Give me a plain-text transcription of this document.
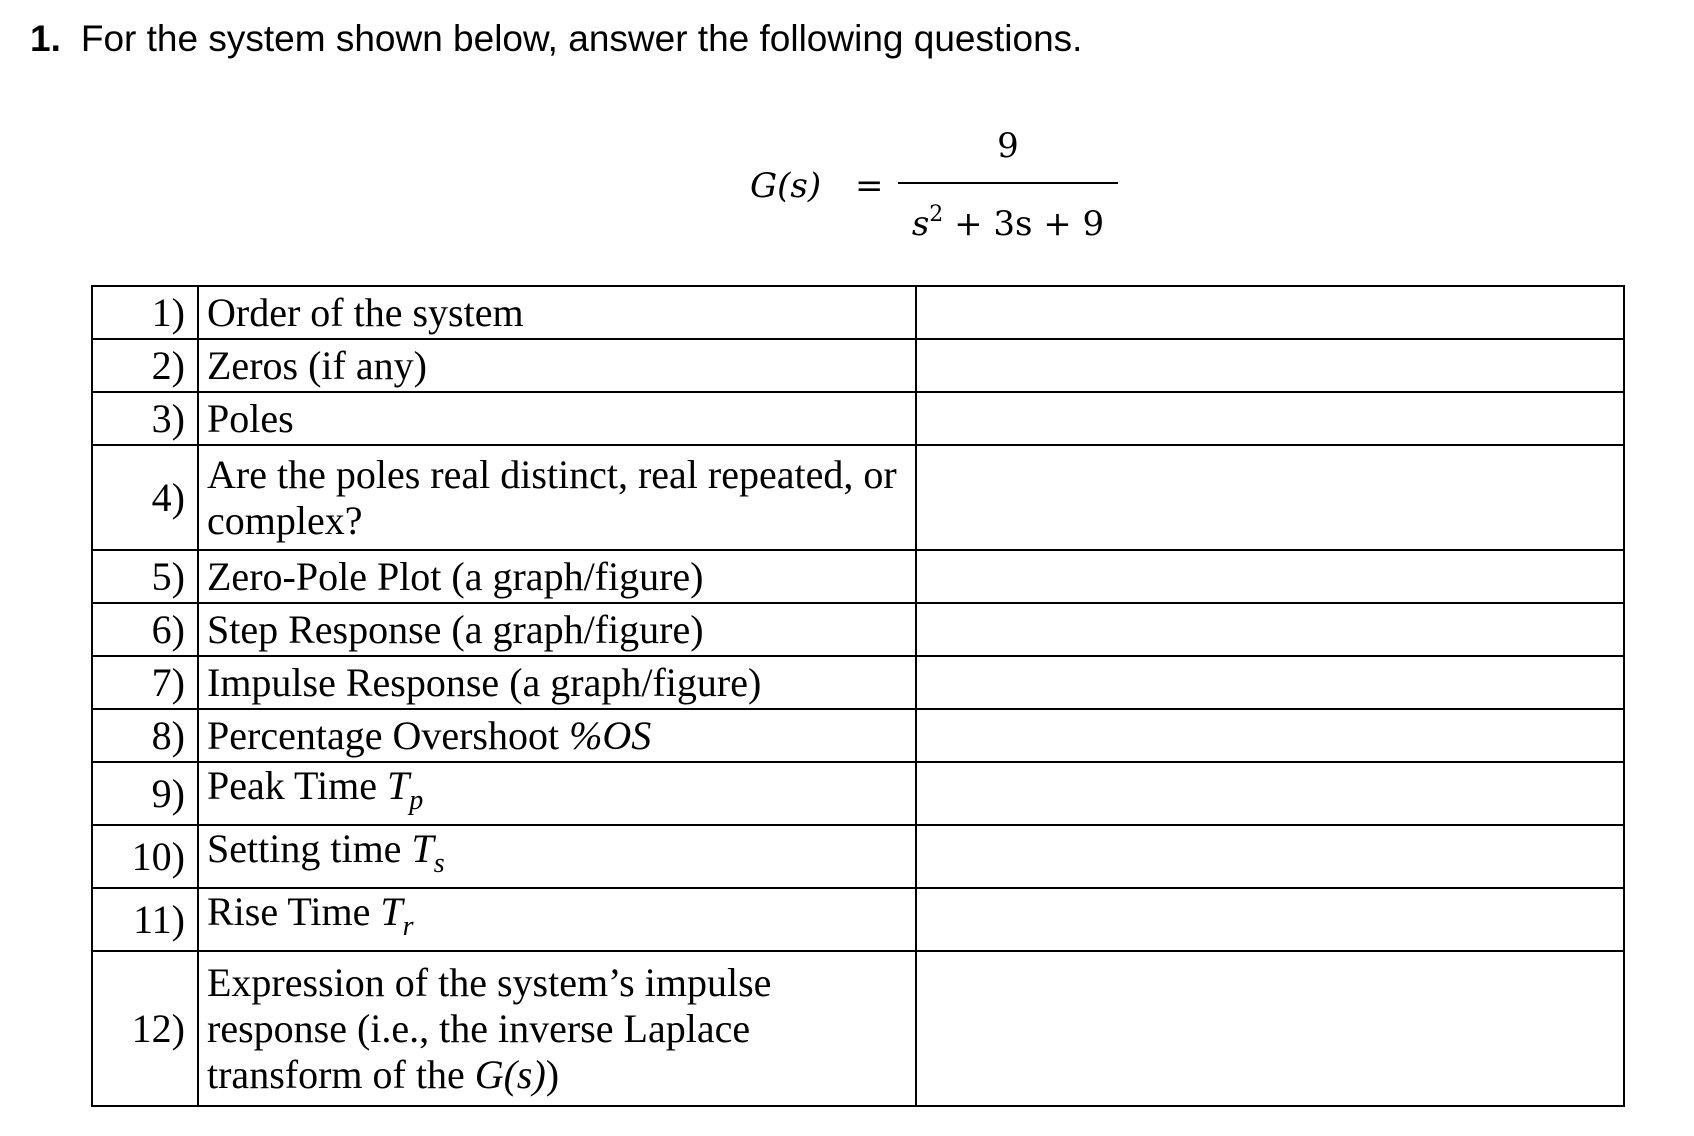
1. For the system shown below, answer the following questions.
G(s) =
9
$s^2 + 3s + 9$
1)	Order of the system	
2)	Zeros (if any)	
3)	Poles	
4)	Are the poles real distinct, real repeated, or complex?	
5)	Zero-Pole Plot (a graph/figure)	
6)	Step Response (a graph/figure)	
7)	Impulse Response (a graph/figure)	
8)	Percentage Overshoot %OS	
9)	Peak Time $T_p$	
10)	Setting time $T_s$	
11)	Rise Time $T_r$	
12)	Expression of the system’s impulse response (i.e., the inverse Laplace transform of the G(s))	
